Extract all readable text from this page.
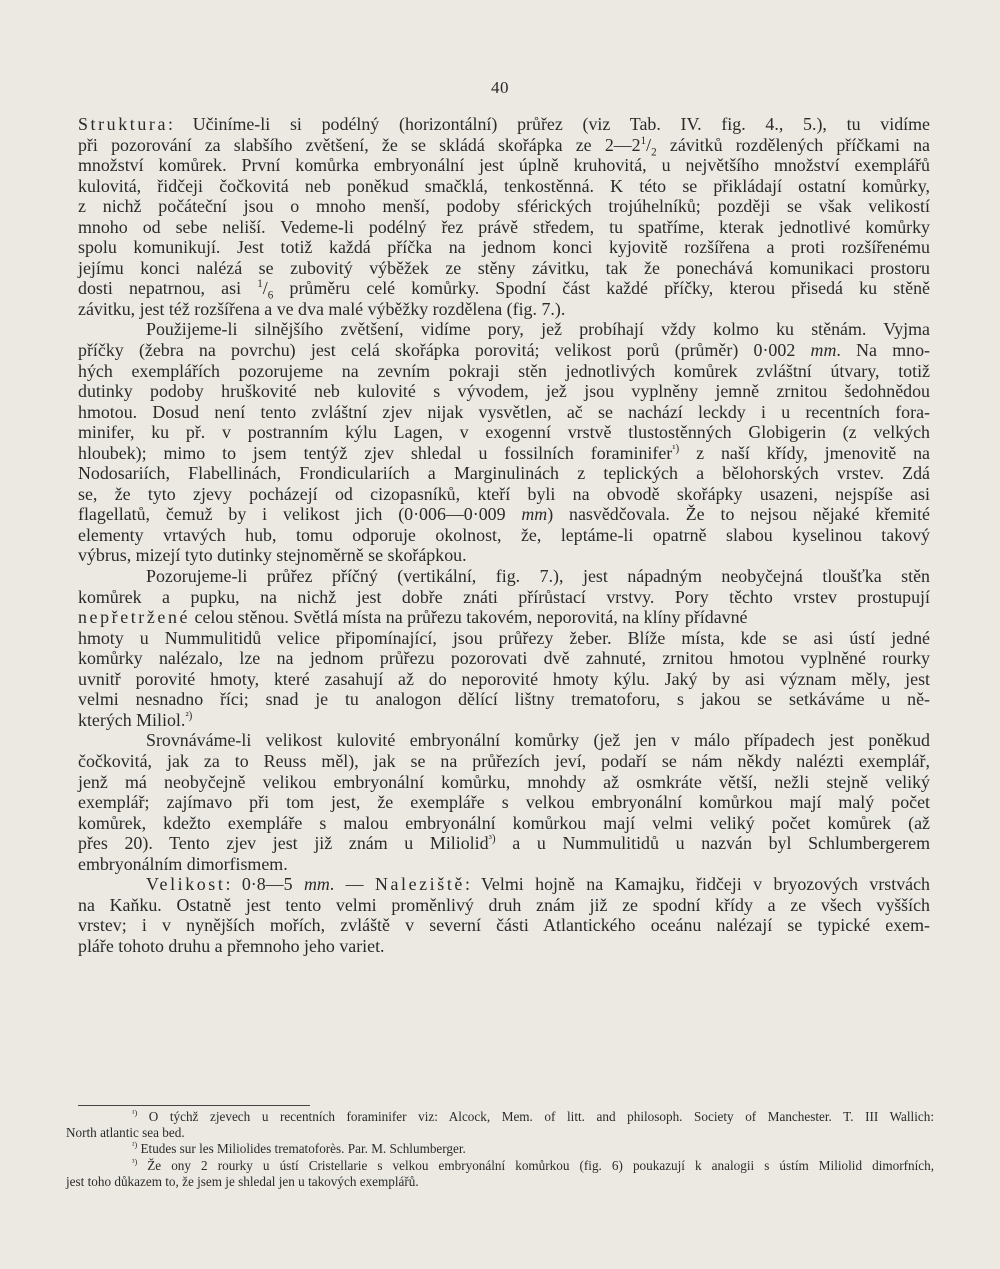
40
Struktura: Učiníme-li si podélný (horizontální) průřez (viz Tab. IV. fig. 4., 5.), tu vidíme
při pozorování za slabšího zvětšení, že se skládá skořápka ze $2—2^1/_2$ závitků rozdělených příčkami na
množství komůrek. První komůrka embryonální jest úplně kruhovitá, u největšího množství exemplářů
kulovitá, řidčeji čočkovitá neb poněkud smačklá, tenkostěnná. K této se přikládají ostatní komůrky,
z nichž počáteční jsou o mnoho menší, podoby sférických trojúhelníků; později se však velikostí
mnoho od sebe neliší. Vedeme-li podélný řez právě středem, tu spatříme, kterak jednotlivé komůrky
spolu komunikují. Jest totiž každá příčka na jednom konci kyjovitě rozšířena a proti rozšířenému
jejímu konci nalézá se zubovitý výběžek ze stěny závitku, tak že ponechává komunikaci prostoru
dosti nepatrnou, asi $^1/_6$ průměru celé komůrky. Spodní část každé příčky, kterou přisedá ku stěně
závitku, jest též rozšířena a ve dva malé výběžky rozdělena (fig. 7.).
Použijeme-li silnějšího zvětšení, vidíme pory, jež probíhají vždy kolmo ku stěnám. Vyjma
příčky (žebra na povrchu) jest celá skořápka porovitá; velikost porů (průměr) 0·002 mm. Na mno-
hých exemplářích pozorujeme na zevním pokraji stěn jednotlivých komůrek zvláštní útvary, totiž
dutinky podoby hruškovité neb kulovité s vývodem, jež jsou vyplněny jemně zrnitou šedohnědou
hmotou. Dosud není tento zvláštní zjev nijak vysvětlen, ač se nachází leckdy i u recentních fora-
minifer, ku př. v postranním kýlu Lagen, v exogenní vrstvě tlustostěnných Globigerin (z velkých
hloubek); mimo to jsem tentýž zjev shledal u fossilních foraminifer$^{^1)}$ z naší křídy, jmenovitě na
Nodosariích, Flabellinách, Frondiculariích a Marginulinách z teplických a bělohorských vrstev. Zdá
se, že tyto zjevy pocházejí od cizopasníků, kteří byli na obvodě skořápky usazeni, nejspíše asi
flagellatů, čemuž by i velikost jich (0·006—0·009 mm) nasvědčovala. Že to nejsou nějaké křemité
elementy vrtavých hub, tomu odporuje okolnost, že, leptáme-li opatrně slabou kyselinou takový
výbrus, mizejí tyto dutinky stejnoměrně se skořápkou.
Pozorujeme-li průřez příčný (vertikální, fig. 7.), jest nápadným neobyčejná tloušťka stěn
komůrek a pupku, na nichž jest dobře znáti přírůstací vrstvy. Pory těchto vrstev prostupují
nepřetržené celou stěnou. Světlá místa na průřezu takovém, neporovitá, na klíny přídavné
hmoty u Nummulitidů velice připomínající, jsou průřezy žeber. Blíže místa, kde se asi ústí jedné
komůrky nalézalo, lze na jednom průřezu pozorovati dvě zahnuté, zrnitou hmotou vyplněné rourky
uvnitř porovité hmoty, které zasahují až do neporovité hmoty kýlu. Jaký by asi význam měly, jest
velmi nesnadno říci; snad je tu analogon dělící lištny trematoforu, s jakou se setkáváme u ně-
kterých Miliol.$^{^2)}$
Srovnáváme-li velikost kulovité embryonální komůrky (jež jen v málo případech jest poněkud
čočkovitá, jak za to Reuss měl), jak se na průřezích jeví, podaří se nám někdy nalézti exemplář,
jenž má neobyčejně velikou embryonální komůrku, mnohdy až osmkráte větší, nežli stejně veliký
exemplář; zajímavo při tom jest, že exempláře s velkou embryonální komůrkou mají malý počet
komůrek, kdežto exempláře s malou embryonální komůrkou mají velmi veliký počet komůrek (až
přes 20). Tento zjev jest již znám u Miliolid$^{^3)}$ a u Nummulitidů u nazván byl Schlumbergerem
embryonálním dimorfismem.
Velikost: 0·8—5 mm. — Naleziště: Velmi hojně na Kamajku, řidčeji v bryozových vrstvách
na Kaňku. Ostatně jest tento velmi proměnlivý druh znám již ze spodní křídy a ze všech vyšších
vrstev; i v nynějších mořích, zvláště v severní části Atlantického oceánu nalézají se typické exem-
pláře tohoto druhu a přemnoho jeho variet.
$^{^1)}$ O týchž zjevech u recentních foraminifer viz: Alcock, Mem. of litt. and philosoph. Society of Manchester. T. III Wallich:
North atlantic sea bed.
$^{^2)}$ Etudes sur les Miliolides trematoforès. Par. M. Schlumberger.
$^{^3)}$ Že ony 2 rourky u ústí Cristellarie s velkou embryonální komůrkou (fig. 6) poukazují k analogii s ústím Miliolid dimorfních,
jest toho důkazem to, že jsem je shledal jen u takových exemplářů.
